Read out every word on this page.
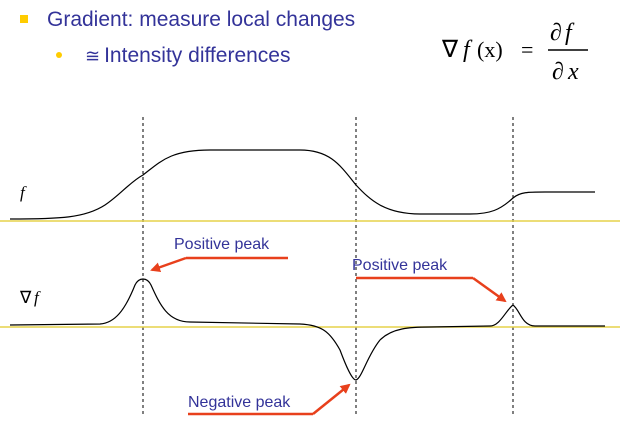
Gradient: measure local changes
≅ Intensity differences	∇ f (x) =
∂ f
∂ x
f
∇ f
Positive peak
Positive peak
Negative peak
